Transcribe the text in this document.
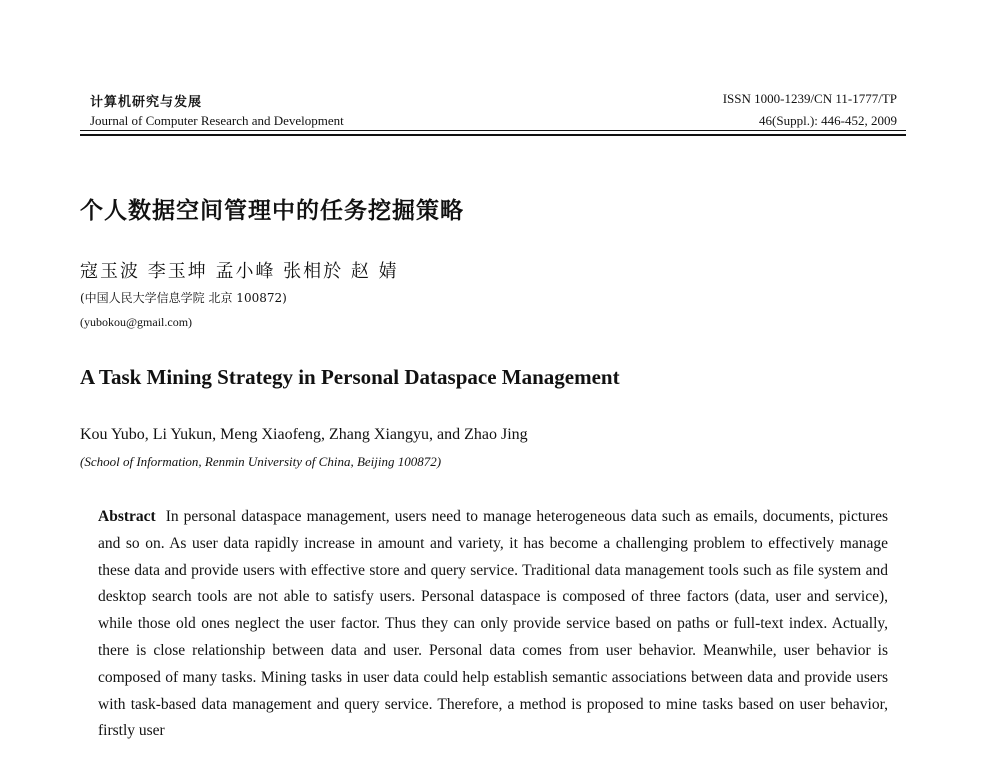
计算机研究与发展
Journal of Computer Research and Development
ISSN 1000-1239/CN 11-1777/TP
46(Suppl.): 446-452, 2009
个人数据空间管理中的任务挖掘策略
寇玉波 李玉坤 孟小峰 张相於 赵 婧
(中国人民大学信息学院 北京 100872)
(yubokou@gmail.com)
A Task Mining Strategy in Personal Dataspace Management
Kou Yubo, Li Yukun, Meng Xiaofeng, Zhang Xiangyu, and Zhao Jing
(School of Information, Renmin University of China, Beijing 100872)
Abstract In personal dataspace management, users need to manage heterogeneous data such as emails, documents, pictures and so on. As user data rapidly increase in amount and variety, it has become a challenging problem to effectively manage these data and provide users with effective store and query service. Traditional data management tools such as file system and desktop search tools are not able to satisfy users. Personal dataspace is composed of three factors (data, user and service), while those old ones neglect the user factor. Thus they can only provide service based on paths or full-text index. Actually, there is close relationship between data and user. Personal data comes from user behavior. Meanwhile, user behavior is composed of many tasks. Mining tasks in user data could help establish semantic associations between data and provide users with task-based data management and query service. Therefore, a method is proposed to mine tasks based on user behavior, firstly user
